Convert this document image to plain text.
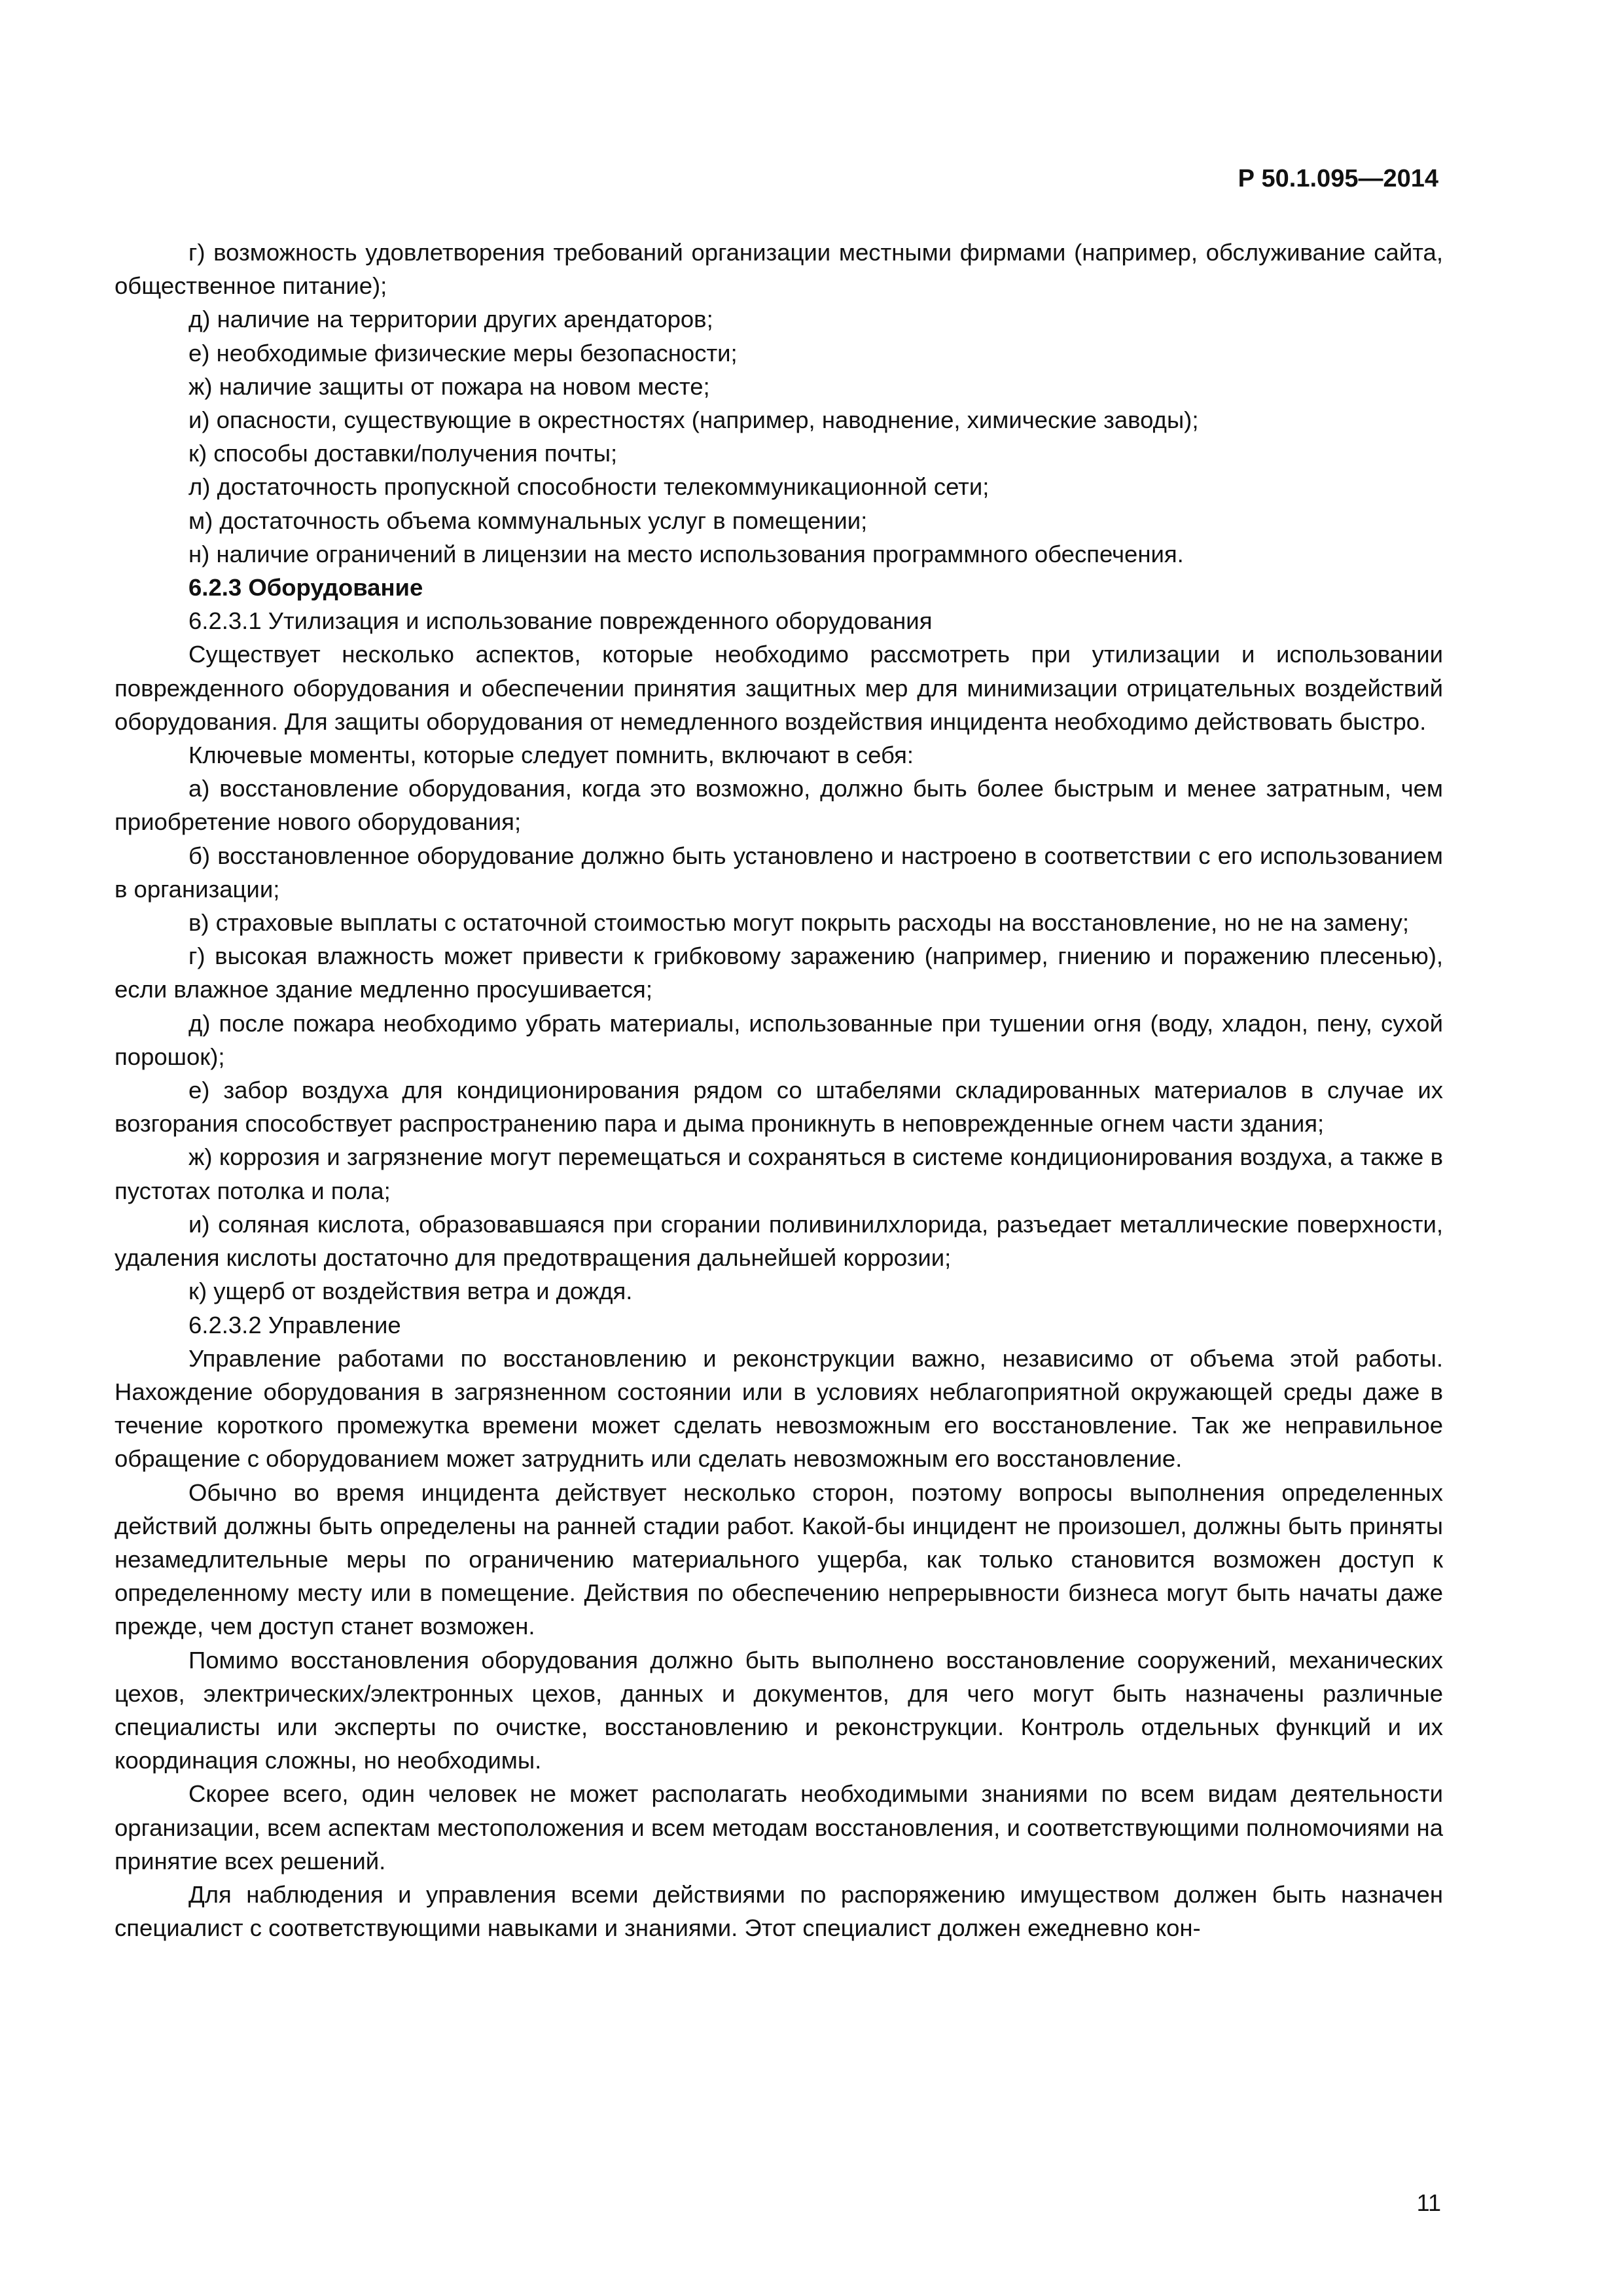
Р 50.1.095—2014

г) возможность удовлетворения требований организации местными фирмами (например, обслуживание сайта, общественное питание);

д) наличие на территории других арендаторов;

е) необходимые физические меры безопасности;

ж) наличие защиты от пожара на новом месте;

и) опасности, существующие в окрестностях (например, наводнение, химические заводы);

к) способы доставки/получения почты;

л) достаточность пропускной способности телекоммуникационной сети;

м) достаточность объема коммунальных услуг в помещении;

н) наличие ограничений в лицензии на место использования программного обеспечения.

6.2.3 Оборудование

6.2.3.1 Утилизация и использование поврежденного оборудования

Существует несколько аспектов, которые необходимо рассмотреть при утилизации и использовании поврежденного оборудования и обеспечении принятия защитных мер для минимизации отрицательных воздействий оборудования. Для защиты оборудования от немедленного воздействия инцидента необходимо действовать быстро.

Ключевые моменты, которые следует помнить, включают в себя:

а) восстановление оборудования, когда это возможно, должно быть более быстрым и менее затратным, чем приобретение нового оборудования;

б) восстановленное оборудование должно быть установлено и настроено в соответствии с его использованием в организации;

в) страховые выплаты с остаточной стоимостью могут покрыть расходы на восстановление, но не на замену;

г) высокая влажность может привести к грибковому заражению (например, гниению и поражению плесенью), если влажное здание медленно просушивается;

д) после пожара необходимо убрать материалы, использованные при тушении огня (воду, хладон, пену, сухой порошок);

е) забор воздуха для кондиционирования рядом со штабелями складированных материалов в случае их возгорания способствует распространению пара и дыма проникнуть в неповрежденные огнем части здания;

ж) коррозия и загрязнение могут перемещаться и сохраняться в системе кондиционирования воздуха, а также в пустотах потолка и пола;

и) соляная кислота, образовавшаяся при сгорании поливинилхлорида, разъедает металлические поверхности, удаления кислоты достаточно для предотвращения дальнейшей коррозии;

к) ущерб от воздействия ветра и дождя.

6.2.3.2 Управление

Управление работами по восстановлению и реконструкции важно, независимо от объема этой работы. Нахождение оборудования в загрязненном состоянии или в условиях неблагоприятной окружающей среды даже в течение короткого промежутка времени может сделать невозможным его восстановление. Так же неправильное обращение с оборудованием может затруднить или сделать невозможным его восстановление.

Обычно во время инцидента действует несколько сторон, поэтому вопросы выполнения определенных действий должны быть определены на ранней стадии работ. Какой-бы инцидент не произошел, должны быть приняты незамедлительные меры по ограничению материального ущерба, как только становится возможен доступ к определенному месту или в помещение. Действия по обеспечению непрерывности бизнеса могут быть начаты даже прежде, чем доступ станет возможен.

Помимо восстановления оборудования должно быть выполнено восстановление сооружений, механических цехов, электрических/электронных цехов, данных и документов, для чего могут быть назначены различные специалисты или эксперты по очистке, восстановлению и реконструкции. Контроль отдельных функций и их координация сложны, но необходимы.

Скорее всего, один человек не может располагать необходимыми знаниями по всем видам деятельности организации, всем аспектам местоположения и всем методам восстановления, и соответствующими полномочиями на принятие всех решений.

Для наблюдения и управления всеми действиями по распоряжению имуществом должен быть назначен специалист с соответствующими навыками и знаниями. Этот специалист должен ежедневно кон-

11
